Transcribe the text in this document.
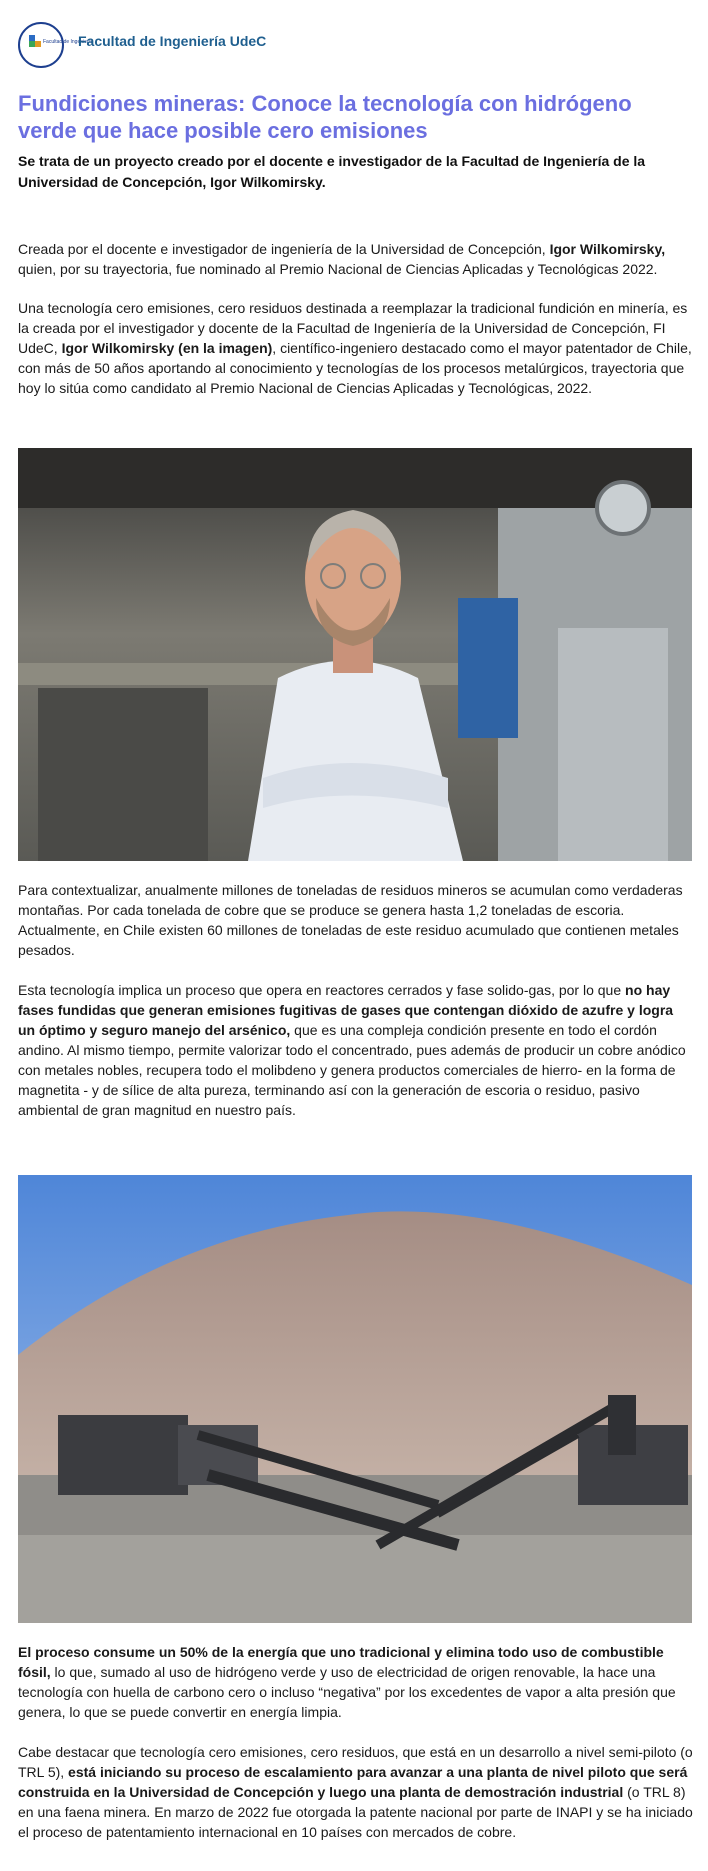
Facultad de Ingeniería
Facultad de Ingeniería UdeC
Fundiciones mineras: Conoce la tecnología con hidrógeno verde que hace posible cero emisiones

Se trata de un proyecto creado por el docente e investigador de la Facultad de Ingeniería de la Universidad de Concepción, Igor Wilkomirsky.

Creada por el docente e investigador de ingeniería de la Universidad de Concepción, Igor Wilkomirsky, quien, por su trayectoria, fue nominado al Premio Nacional de Ciencias Aplicadas y Tecnológicas 2022.

Una tecnología cero emisiones, cero residuos destinada a reemplazar la tradicional fundición en minería, es la creada por el investigador y docente de la Facultad de Ingeniería de la Universidad de Concepción, FI UdeC, Igor Wilkomirsky (en la imagen), científico-ingeniero destacado como el mayor patentador de Chile, con más de 50 años aportando al conocimiento y tecnologías de los procesos metalúrgicos, trayectoria que hoy lo sitúa como candidato al Premio Nacional de Ciencias Aplicadas y Tecnológicas, 2022.

Para contextualizar, anualmente millones de toneladas de residuos mineros se acumulan como verdaderas montañas. Por cada tonelada de cobre que se produce se genera hasta 1,2 toneladas de escoria. Actualmente, en Chile existen 60 millones de toneladas de este residuo acumulado que contienen metales pesados.

Esta tecnología implica un proceso que opera en reactores cerrados y fase solido-gas, por lo que no hay fases fundidas que generan emisiones fugitivas de gases que contengan dióxido de azufre y logra un óptimo y seguro manejo del arsénico, que es una compleja condición presente en todo el cordón andino. Al mismo tiempo, permite valorizar todo el concentrado, pues además de producir un cobre anódico con metales nobles, recupera todo el molibdeno y genera productos comerciales de hierro- en la forma de magnetita - y de sílice de alta pureza, terminando así con la generación de escoria o residuo, pasivo ambiental de gran magnitud en nuestro país.

El proceso consume un 50% de la energía que uno tradicional y elimina todo uso de combustible fósil, lo que, sumado al uso de hidrógeno verde y uso de electricidad de origen renovable, la hace una tecnología con huella de carbono cero o incluso “negativa” por los excedentes de vapor a alta presión que genera, lo que se puede convertir en energía limpia.

Cabe destacar que tecnología cero emisiones, cero residuos, que está en un desarrollo a nivel semi-piloto (o TRL 5), está iniciando su proceso de escalamiento para avanzar a una planta de nivel piloto que será construida en la Universidad de Concepción y luego una planta de demostración industrial (o TRL 8) en una faena minera. En marzo de 2022 fue otorgada la patente nacional por parte de INAPI y se ha iniciado el proceso de patentamiento internacional en 10 países con mercados de cobre.
